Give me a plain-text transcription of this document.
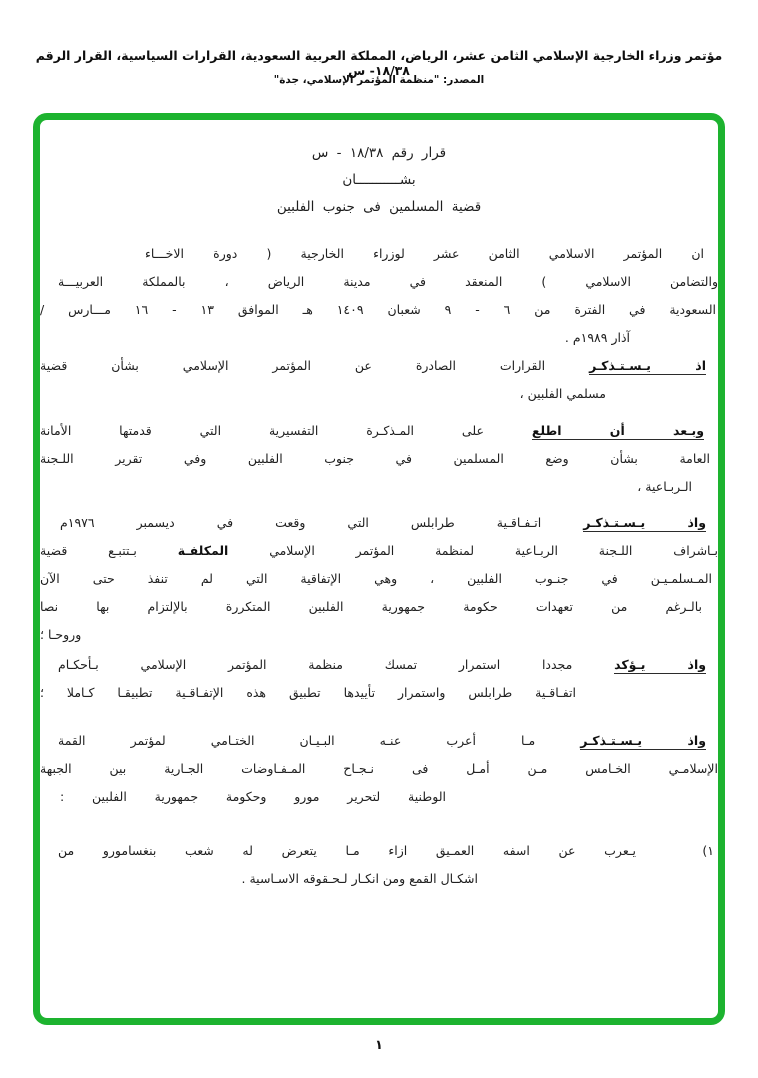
مؤتمر وزراء الخارجية الإسلامي الثامن عشر، الرياض، المملكة العربية السعودية، القرارات السياسية، القرار الرقم ١٨/٣٨- س
المصدر: "منظمة المؤتمر الإسلامي، جدة"
قرار رقم ١٨/٣٨ - س
بشـــــــــــان
قضية المسلمين فى جنوب الفلبين
ان المؤتمر الاسلامي الثامن عشر لوزراء الخارجية ( دورة الاخـــاء
والتضامن الاسلامي ) المنعقد في مدينة الرياض ، بالمملكة العربيـــة
السعودية في الفترة من ٦ - ٩ شعبان ١٤٠٩ هـ الموافق ١٣ - ١٦ مـــارس /
آذار ١٩٨٩م .
اذ يـسـتـذكـر القرارات الصادرة عن المؤتمر الإسلامي بشأن قضية
مسلمي الفلبين ،
وبـعد أن اطلع على المـذكـرة التفسيرية التي قدمتها الأمانة
العامة بشأن وضع المسلمين في جنوب الفلبين وفي تقرير اللـجنة
الـربـاعية ،
واذ يـسـتـذكـر اتـفـاقـية طرابلس التي وقعت في ديسمبر ١٩٧٦م
بـاشراف اللـجنة الربـاعية لمنظمة المؤتمر الإسلامي المكلفـة بـتتبـع قضية
المـسلمـيـن في جنـوب الفلبين ، وهي الإتفاقية التي لم تنفذ حتى الآن
بالـرغم من تعهدات حكومة جمهورية الفلبين المتكررة بالإلتزام بها نصا
وروحـا ؛
واذ يـؤكد مجددا استمرار تمسك منظمة المؤتمر الإسلامي بـأحكـام
اتفـاقـية طرابلس واستمرار تأييدها تطبيق هذه الإتفـاقـية تطبيقـا كـاملا ؛
واذ يـسـتـذكـر مـا أعرب عنـه البـيـان الختـامي لمؤتمر القمة
الإسلامـي الخـامس مـن أمـل فى نـجـاح المـفـاوضات الجـارية بين الجبهة
الوطنية لتحرير مورو وحكومة جمهورية الفلبين :
١)
يـعرب عن اسفه العمـيق ازاء مـا يتعرض له شعب بنغسامورو من
اشكـال القمع ومن انكـار لـحـقوقه الاسـاسية .
١
